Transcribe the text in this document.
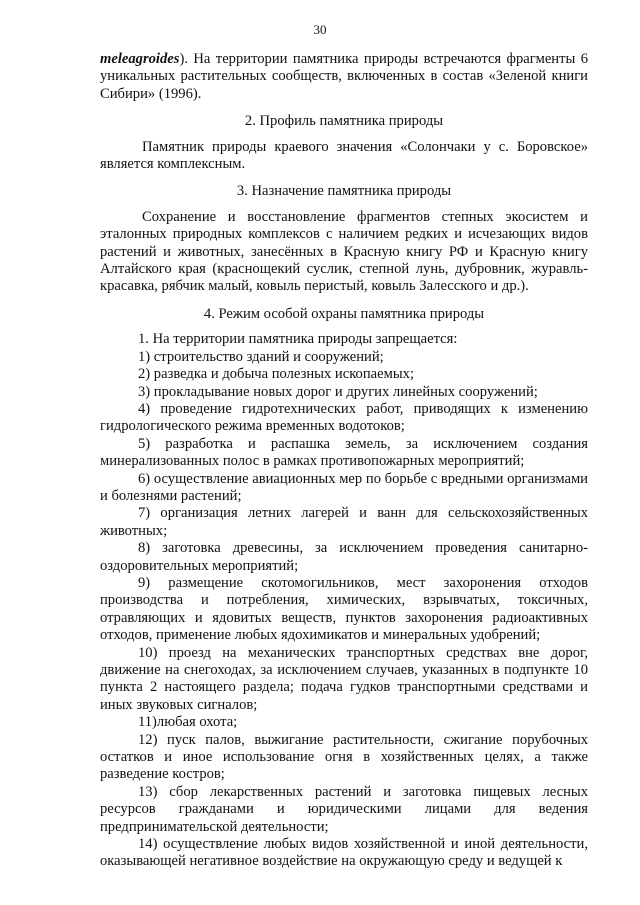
30

meleagroides). На территории памятника природы встречаются фрагменты 6 уникальных растительных сообществ, включенных в состав «Зеленой книги Сибири» (1996).

2. Профиль памятника природы

Памятник природы краевого значения «Солончаки у с. Боровское» является комплексным.

3. Назначение памятника природы

Сохранение и восстановление фрагментов степных экосистем и эталонных природных комплексов с наличием редких и исчезающих видов растений и животных, занесённых в Красную книгу РФ и Красную книгу Алтайского края (краснощекий суслик, степной лунь, дубровник, журавль-красавка, рябчик малый, ковыль перистый, ковыль Залесского и др.).

4. Режим особой охраны памятника природы

1. На территории памятника природы запрещается:

1) строительство зданий и сооружений;

2) разведка и добыча полезных ископаемых;

3) прокладывание новых дорог и других линейных сооружений;

4) проведение гидротехнических работ, приводящих к изменению гидрологического режима временных водотоков;

5) разработка и распашка земель, за исключением создания минерализованных полос в рамках противопожарных мероприятий;

6) осуществление авиационных мер по борьбе с вредными организмами и болезнями растений;

7) организация летних лагерей и ванн для сельскохозяйственных животных;

8) заготовка древесины, за исключением проведения санитарно-оздоровительных мероприятий;

9) размещение скотомогильников, мест захоронения отходов производства и потребления, химических, взрывчатых, токсичных, отравляющих и ядовитых веществ, пунктов захоронения радиоактивных отходов, применение любых ядохимикатов и минеральных удобрений;

10) проезд на механических транспортных средствах вне дорог, движение на снегоходах, за исключением случаев, указанных в подпункте 10 пункта 2 настоящего раздела; подача гудков транспортными средствами и иных звуковых сигналов;

11)любая охота;

12) пуск палов, выжигание растительности, сжигание порубочных остатков и иное использование огня в хозяйственных целях, а также разведение костров;

13) сбор лекарственных растений и заготовка пищевых лесных ресурсов гражданами и юридическими лицами для ведения предпринимательской деятельности;

14) осуществление любых видов хозяйственной и иной деятельности, оказывающей негативное воздействие на окружающую среду и ведущей к
